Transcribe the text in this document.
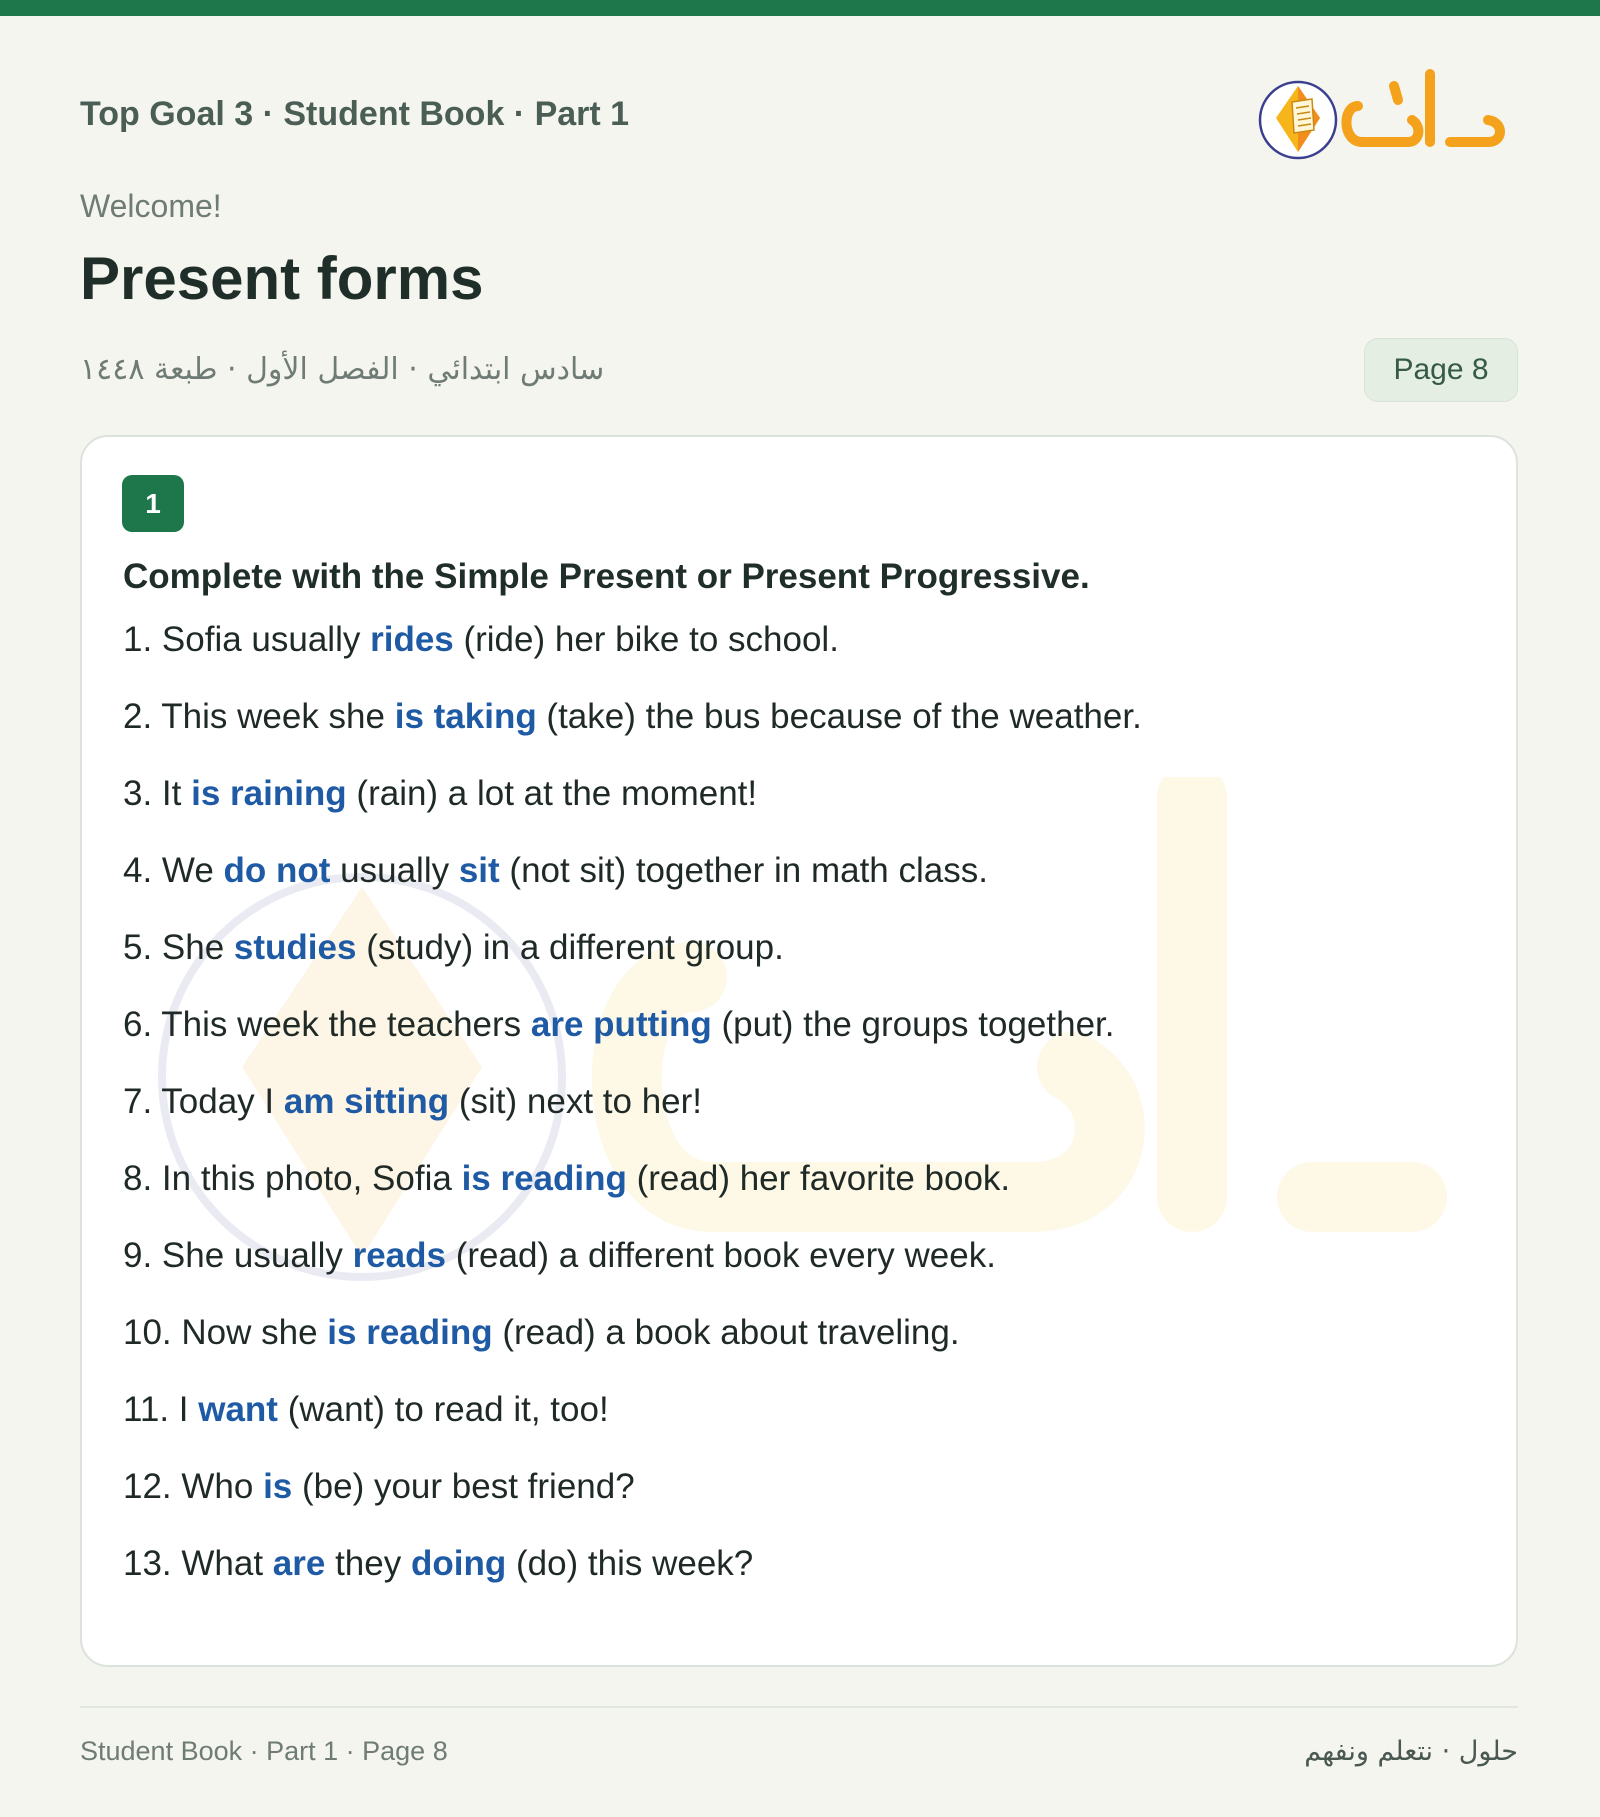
Top Goal 3 · Student Book · Part 1
Welcome!
Present forms
سادس ابتدائي · الفصل الأول · طبعة ١٤٤٨	Page 8
1
Complete with the Simple Present or Present Progressive.
1. Sofia usually rides (ride) her bike to school.
2. This week she is taking (take) the bus because of the weather.
3. It is raining (rain) a lot at the moment!
4. We do not usually sit (not sit) together in math class.
5. She studies (study) in a different group.
6. This week the teachers are putting (put) the groups together.
7. Today I am sitting (sit) next to her!
8. In this photo, Sofia is reading (read) her favorite book.
9. She usually reads (read) a different book every week.
10. Now she is reading (read) a book about traveling.
11. I want (want) to read it, too!
12. Who is (be) your best friend?
13. What are they doing (do) this week?
Student Book · Part 1 · Page 8	حلول · نتعلم ونفهم
